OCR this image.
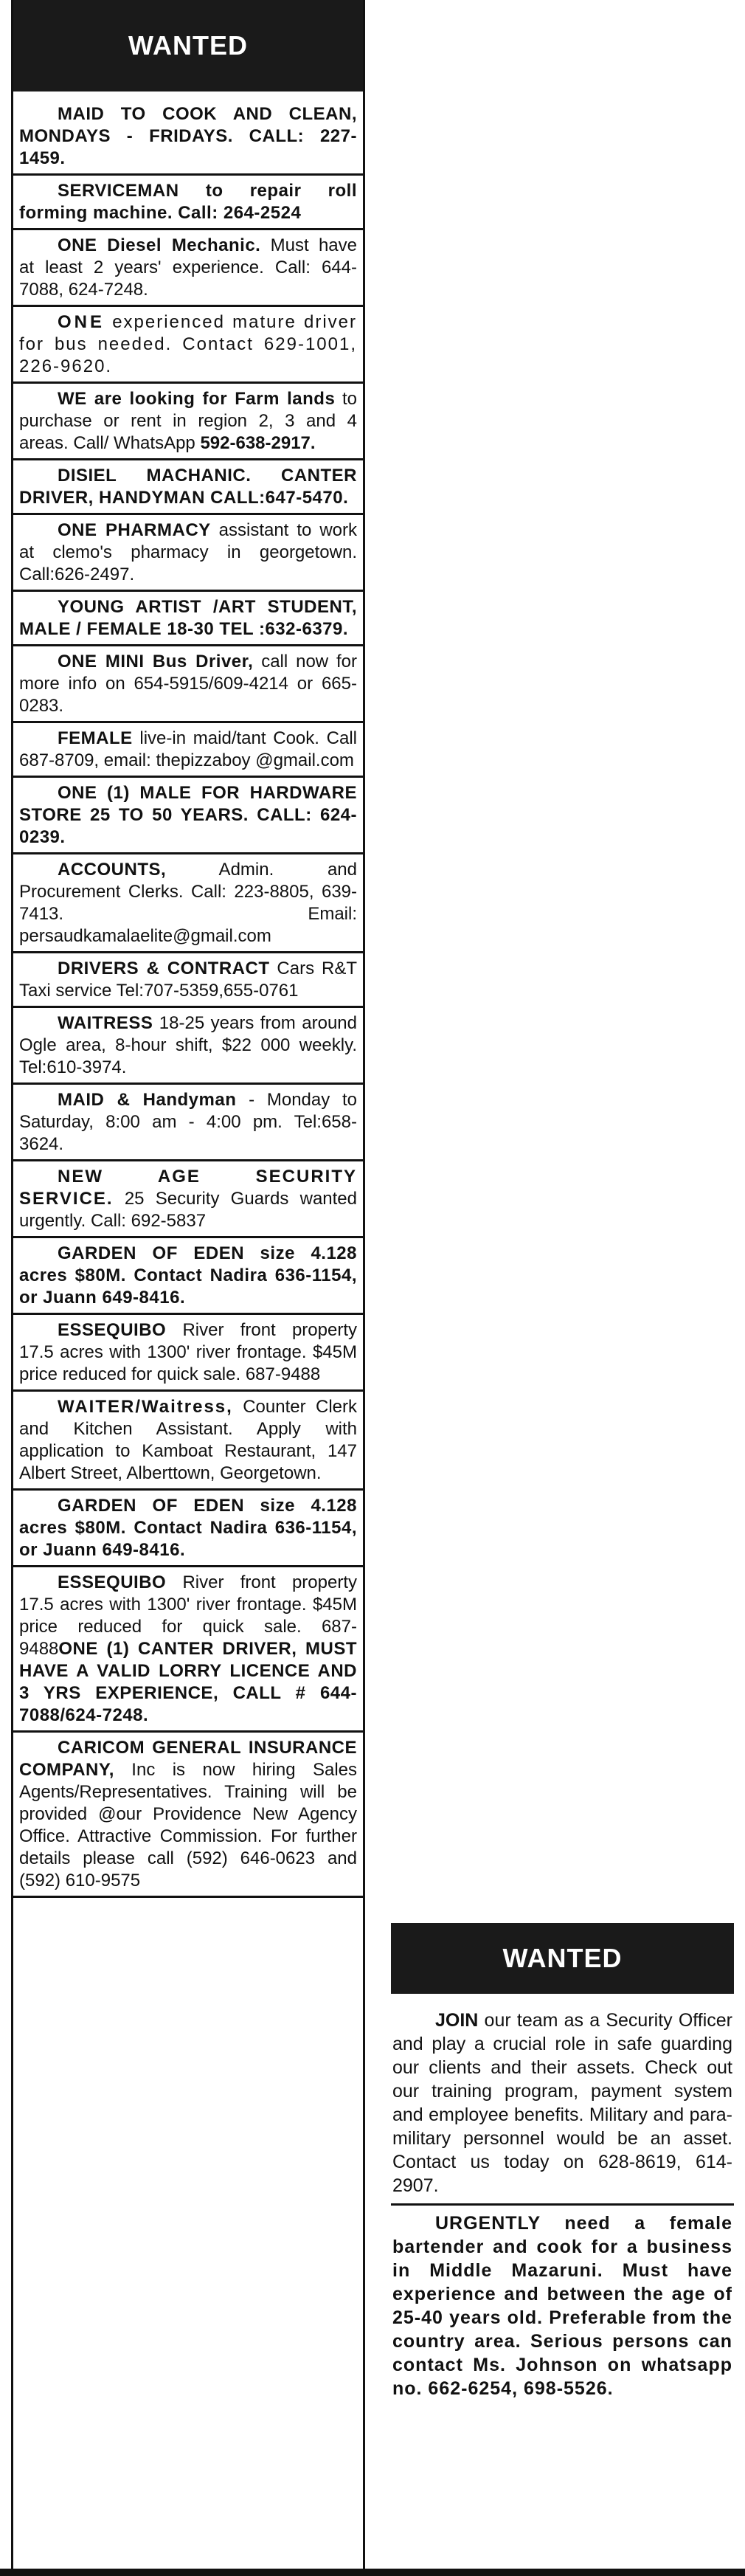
WANTED
MAID TO COOK AND CLEAN, MONDAYS - FRIDAYS. CALL: 227-1459.
SERVICEMAN to repair roll forming machine. Call: 264-2524
ONE Diesel Mechanic. Must have at least 2 years' experience. Call: 644-7088, 624-7248.
ONE experienced mature driver for bus needed. Contact 629-1001, 226-9620.
WE are looking for Farm lands to purchase or rent in region 2, 3 and 4 areas. Call/ WhatsApp 592-638-2917.
DISIEL MACHANIC. CANTER DRIVER, HANDYMAN CALL:647-5470.
ONE PHARMACY assistant to work at clemo's pharmacy in georgetown. Call:626-2497.
YOUNG ARTIST /ART STUDENT, MALE / FEMALE 18-30 TEL :632-6379.
ONE MINI Bus Driver, call now for more info on 654-5915/609-4214 or 665-0283.
FEMALE live-in maid/tant Cook. Call 687-8709, email: thepizzaboy @gmail.com
ONE (1) MALE FOR HARDWARE STORE 25 TO 50 YEARS. CALL: 624-0239.
ACCOUNTS, Admin. and Procurement Clerks. Call: 223-8805, 639-7413. Email: persaudkamalaelite@gmail.com
DRIVERS & CONTRACT Cars R&T Taxi service Tel:707-5359,655-0761
WAITRESS 18-25 years from around Ogle area, 8-hour shift, $22 000 weekly. Tel:610-3974.
MAID & Handyman - Monday to Saturday, 8:00 am - 4:00 pm. Tel:658-3624.
NEW AGE SECURITY SERVICE. 25 Security Guards wanted urgently. Call: 692-5837
GARDEN OF EDEN size 4.128 acres $80M. Contact Nadira 636-1154, or Juann 649-8416.
ESSEQUIBO River front property 17.5 acres with 1300' river frontage. $45M price reduced for quick sale. 687-9488
WAITER/Waitress, Counter Clerk and Kitchen Assistant. Apply with application to Kamboat Restaurant, 147 Albert Street, Alberttown, Georgetown.
GARDEN OF EDEN size 4.128 acres $80M. Contact Nadira 636-1154, or Juann 649-8416.
ESSEQUIBO River front property 17.5 acres with 1300' river frontage. $45M price reduced for quick sale. 687-9488ONE (1) CANTER DRIVER, MUST HAVE A VALID LORRY LICENCE AND 3 YRS EXPERIENCE, CALL # 644-7088/624-7248.
CARICOM GENERAL INSURANCE COMPANY, Inc is now hiring Sales Agents/Representatives. Training will be provided @our Providence New Agency Office. Attractive Commission. For further details please call (592) 646-0623 and (592) 610-9575
WANTED
JOIN our team as a Security Officer and play a crucial role in safe guarding our clients and their assets. Check out our training program, payment system and employee benefits. Military and para-military personnel would be an asset. Contact us today on 628-8619, 614-2907.
URGENTLY need a female bartender and cook for a business in Middle Mazaruni. Must have experience and between the age of 25-40 years old. Preferable from the country area. Serious persons can contact Ms. Johnson on whatsapp no. 662-6254, 698-5526.
